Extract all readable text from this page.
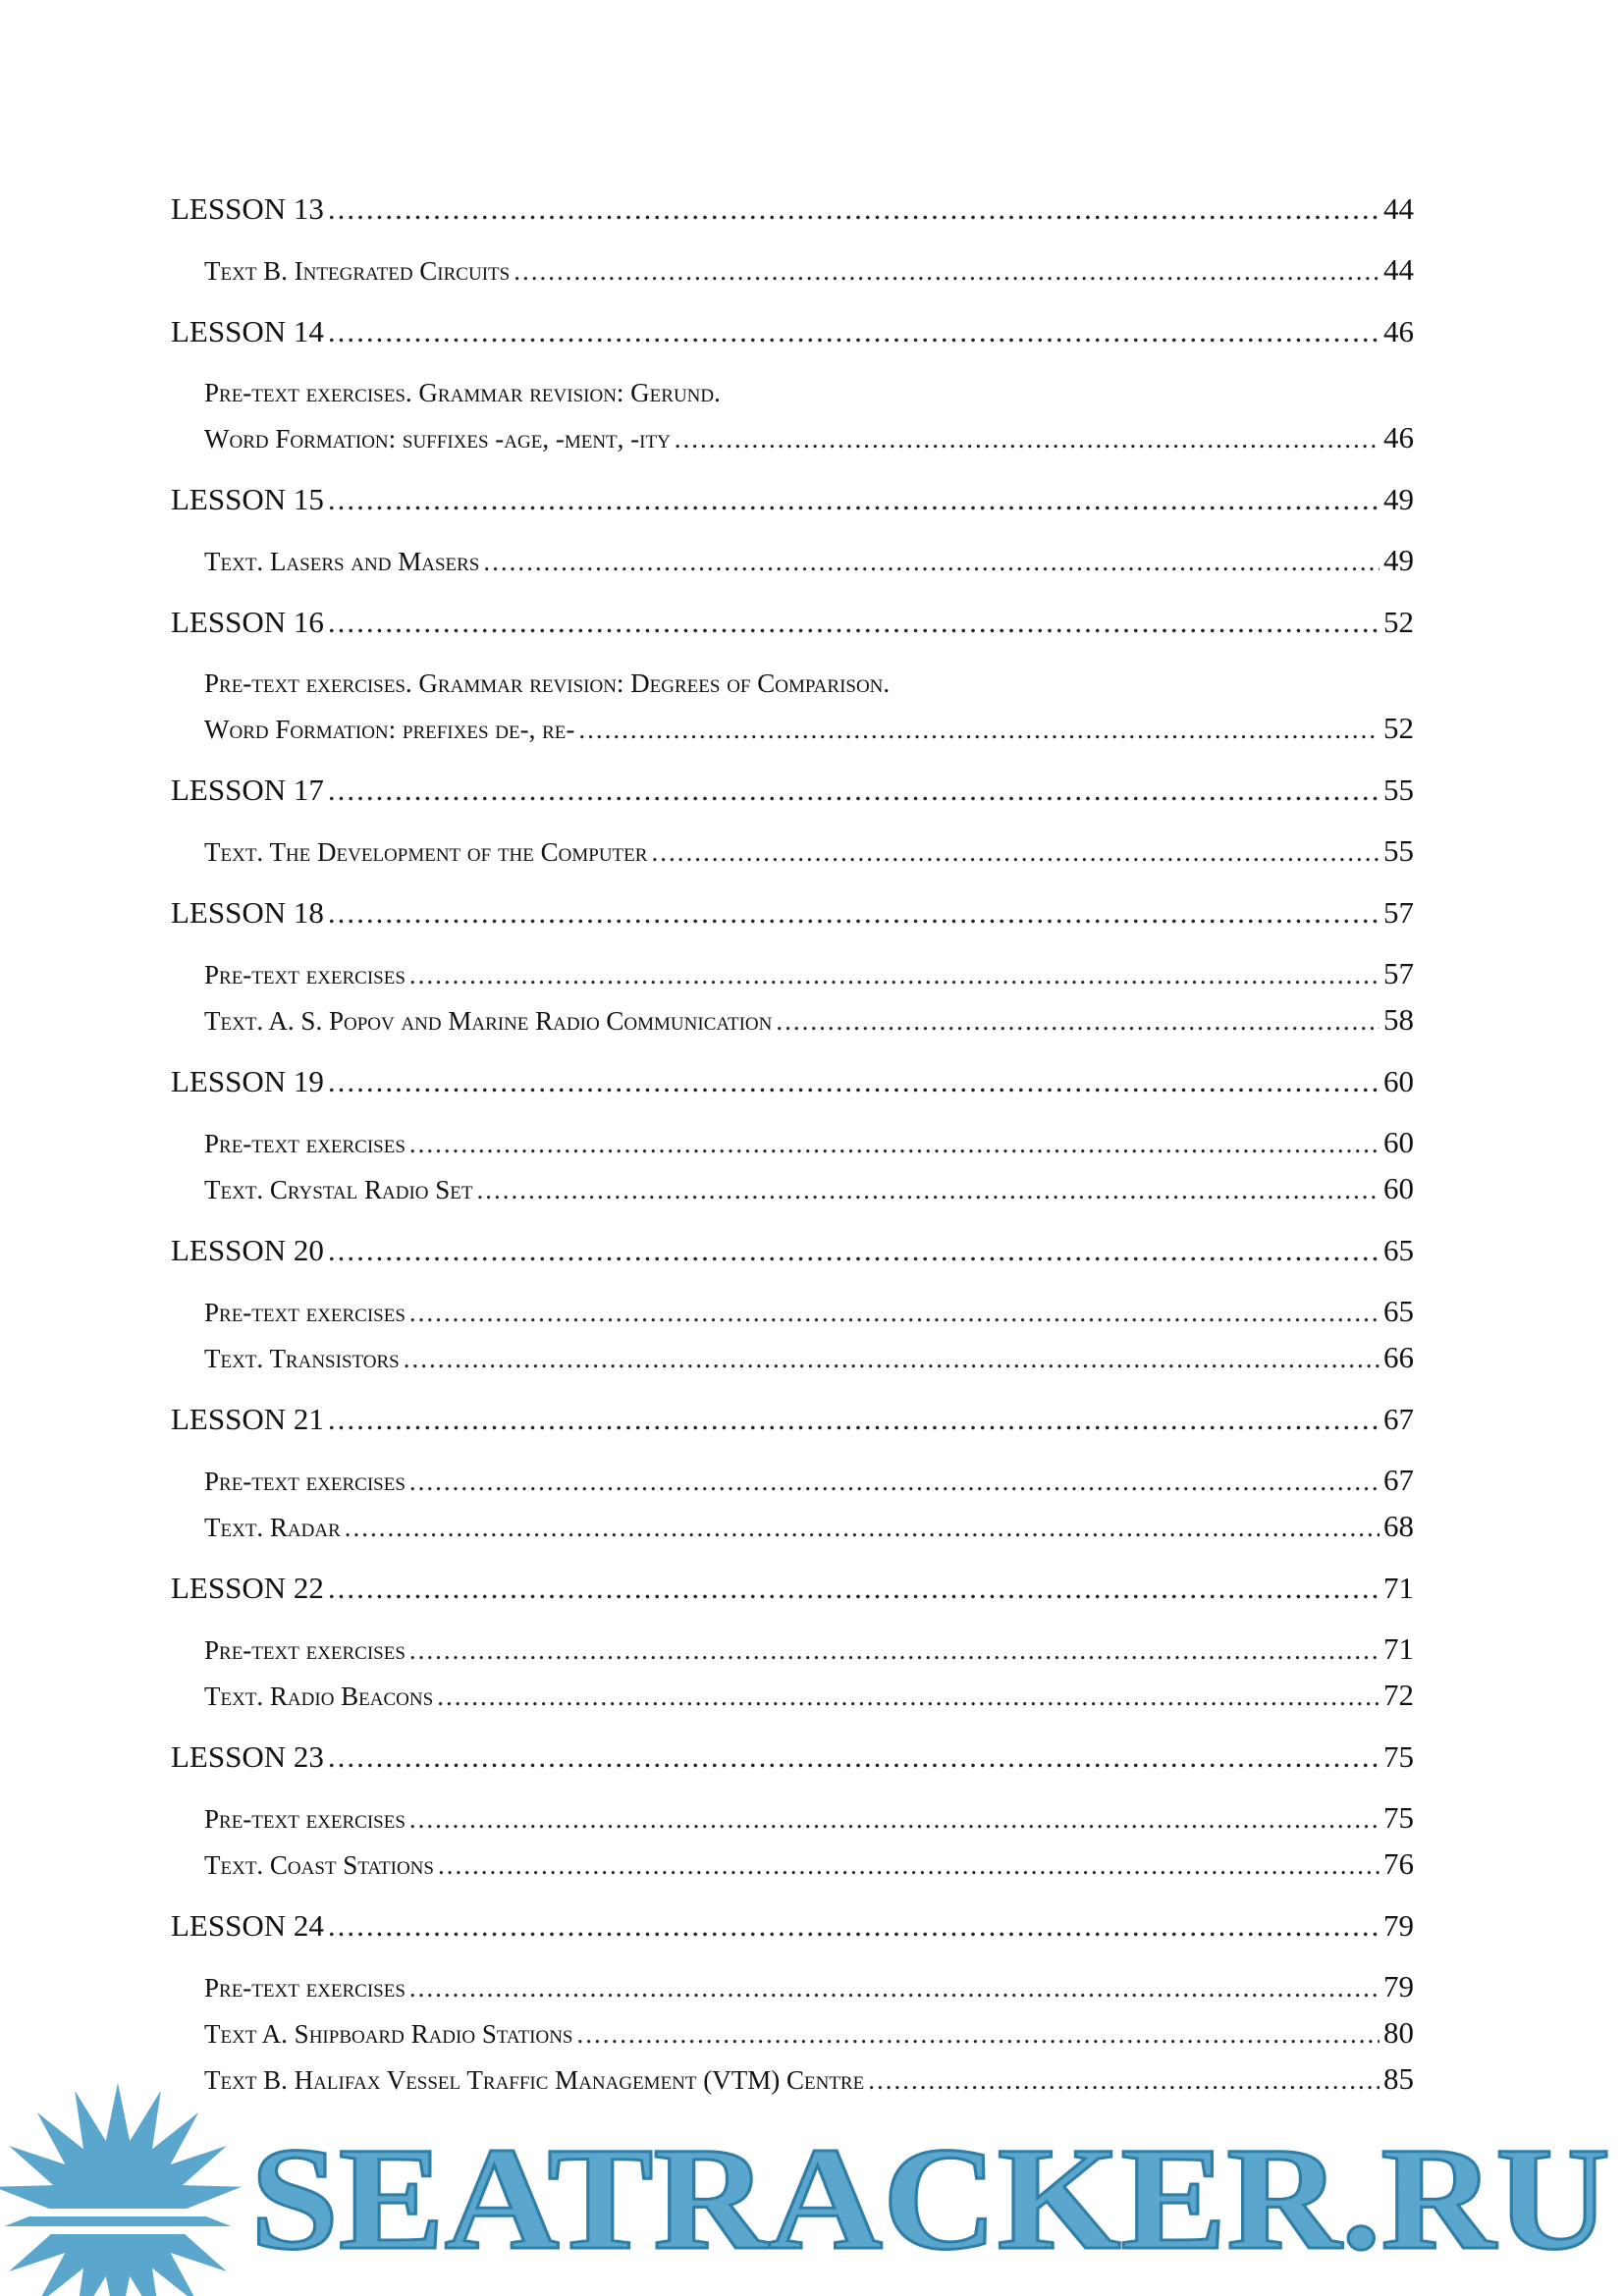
LESSON 13 .....	44
Text B. Integrated Circuits .....	44
LESSON 14 .....	46
Pre-text exercises. Grammar revision: Gerund.
Word Formation: suffixes -age, -ment, -ity .....	46
LESSON 15 .....	49
Text. Lasers and Masers .....	49
LESSON 16 .....	52
Pre-text exercises. Grammar revision: Degrees of Comparison.
Word Formation: prefixes de-, re- .....	52
LESSON 17 .....	55
Text. The Development of the Computer .....	55
LESSON 18 .....	57
Pre-text exercises .....	57
Text. A. S. Popov and Marine Radio Communication .....	58
LESSON 19 .....	60
Pre-text exercises .....	60
Text. Crystal Radio Set .....	60
LESSON 20 .....	65
Pre-text exercises .....	65
Text. Transistors .....	66
LESSON 21 .....	67
Pre-text exercises .....	67
Text. Radar .....	68
LESSON 22 .....	71
Pre-text exercises .....	71
Text. Radio Beacons .....	72
LESSON 23 .....	75
Pre-text exercises .....	75
Text. Coast Stations .....	76
LESSON 24 .....	79
Pre-text exercises .....	79
Text A. Shipboard Radio Stations .....	80
Text B. Halifax Vessel Traffic Management (VTM) Centre .....	85
SEATRACKER.RU
